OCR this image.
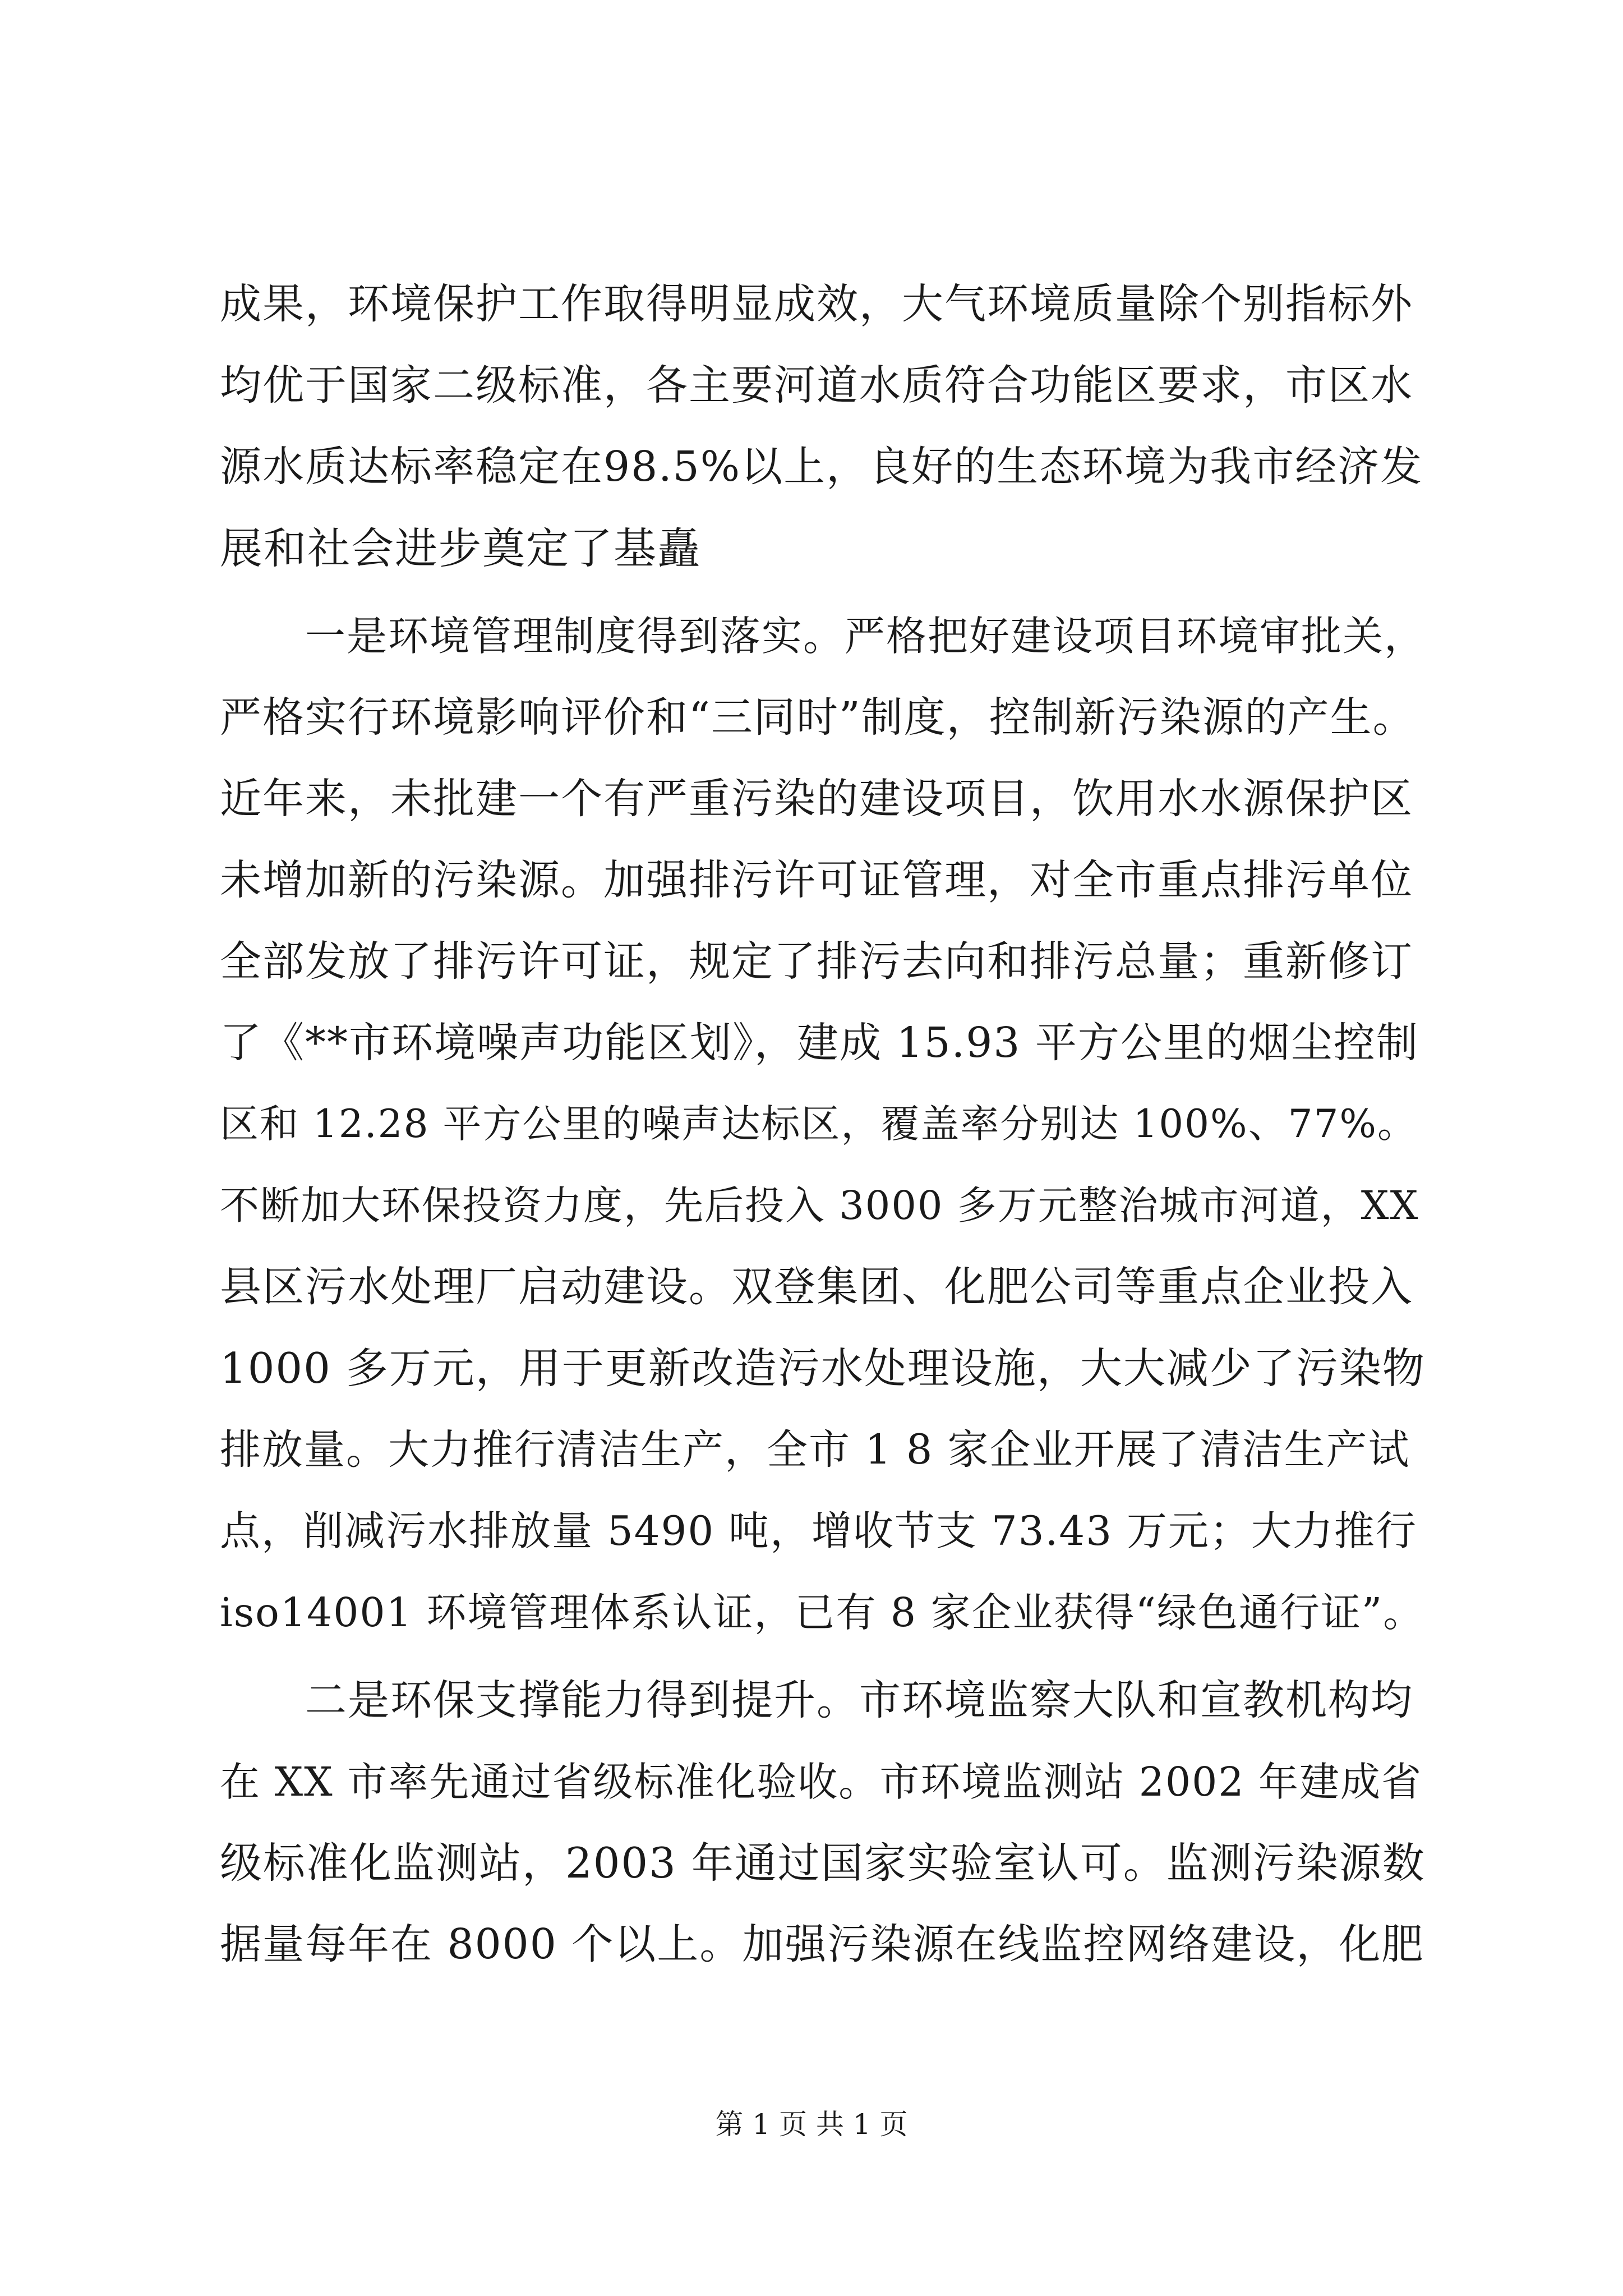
成果，环境保护工作取得明显成效，大气环境质量除个别指标外
均优于国家二级标准，各主要河道水质符合功能区要求，市区水
源水质达标率稳定在98.5%以上，良好的生态环境为我市经济发
展和社会进步奠定了基矗
一是环境管理制度得到落实。严格把好建设项目环境审批关，
严格实行环境影响评价和“三同时”制度，控制新污染源的产生。
近年来，未批建一个有严重污染的建设项目，饮用水水源保护区
未增加新的污染源。加强排污许可证管理，对全市重点排污单位
全部发放了排污许可证，规定了排污去向和排污总量；重新修订
了《**市环境噪声功能区划》，建成 15.93 平方公里的烟尘控制
区和 12.28 平方公里的噪声达标区，覆盖率分别达 100%、77%。
不断加大环保投资力度，先后投入 3000 多万元整治城市河道，XX
县区污水处理厂启动建设。双登集团、化肥公司等重点企业投入
1000 多万元，用于更新改造污水处理设施，大大减少了污染物
排放量。大力推行清洁生产，全市 1 8 家企业开展了清洁生产试
点，削减污水排放量 5490 吨，增收节支 73.43 万元；大力推行
iso14001 环境管理体系认证，已有 8 家企业获得“绿色通行证”。
二是环保支撑能力得到提升。市环境监察大队和宣教机构均
在 XX 市率先通过省级标准化验收。市环境监测站 2002 年建成省
级标准化监测站，2003 年通过国家实验室认可。监测污染源数
据量每年在 8000 个以上。加强污染源在线监控网络建设，化肥
第 1 页 共 1 页
